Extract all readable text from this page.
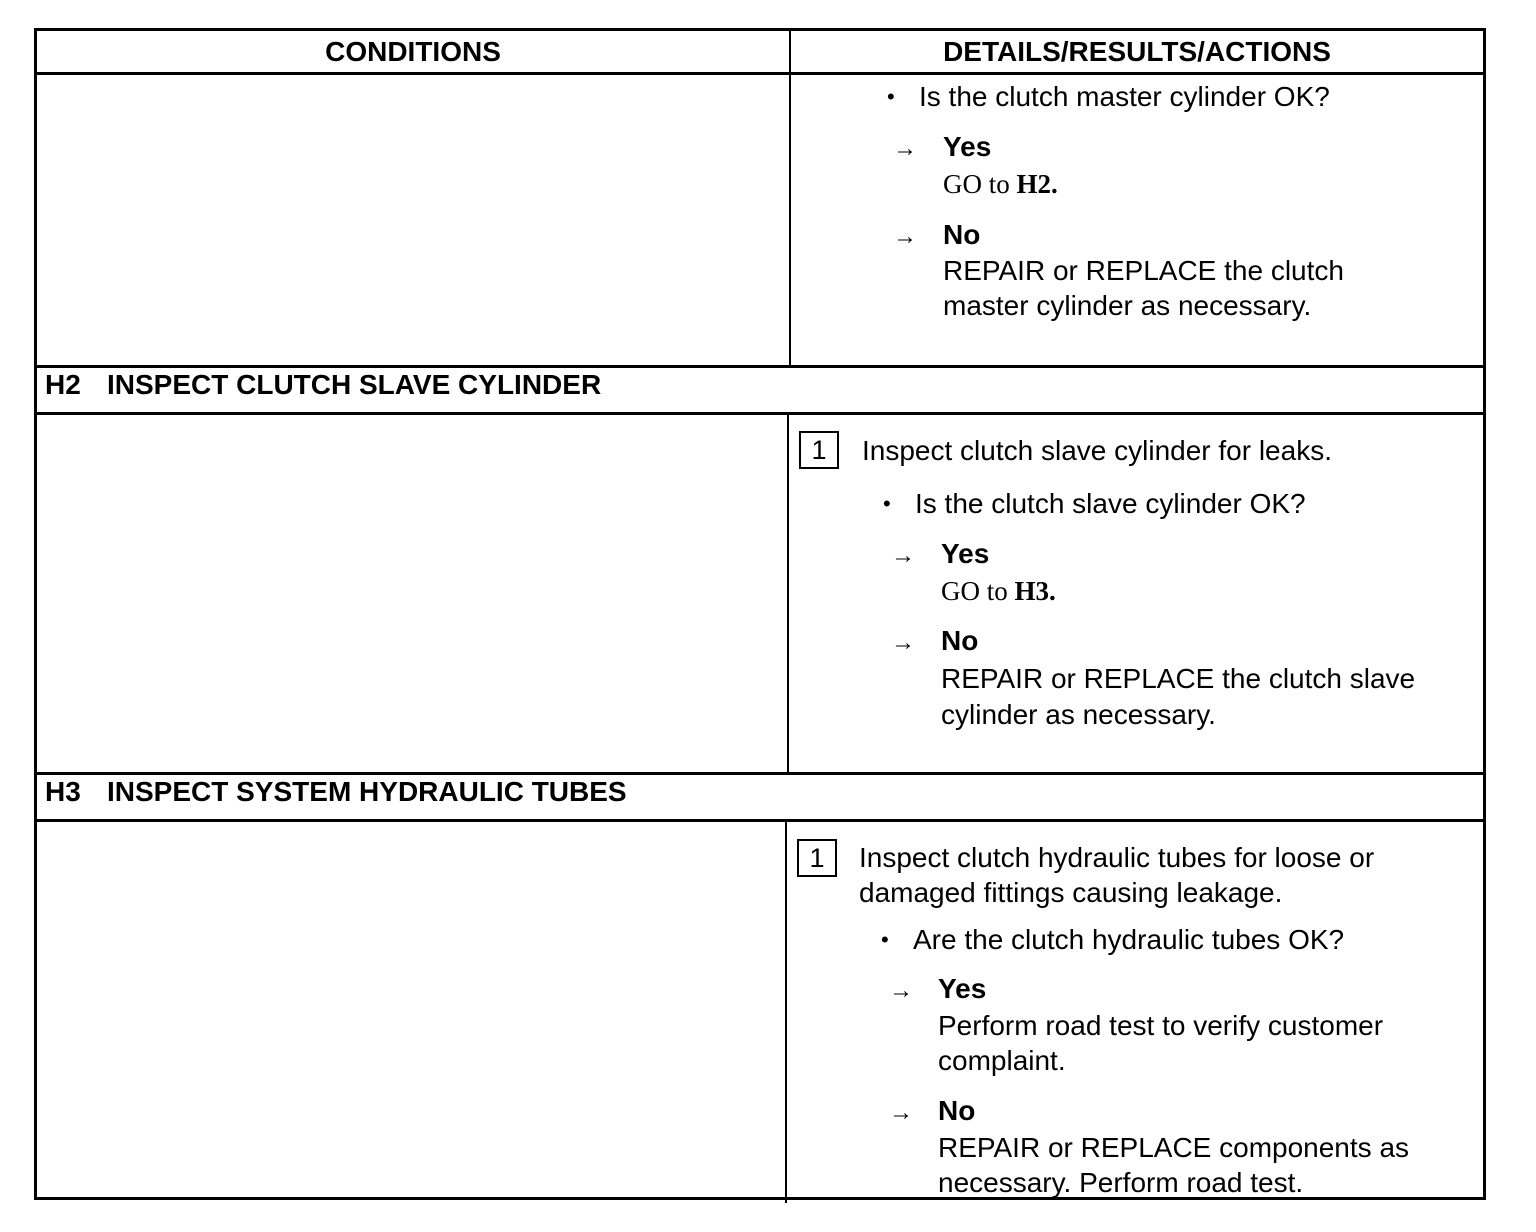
CONDITIONS	DETAILS/RESULTS/ACTIONS
• Is the clutch master cylinder OK?
→ Yes
GO to H2.
→ No
REPAIR or REPLACE the clutch
master cylinder as necessary.
H2 INSPECT CLUTCH SLAVE CYLINDER
1	Inspect clutch slave cylinder for leaks.
• Is the clutch slave cylinder OK?
→ Yes
GO to H3.
→ No
REPAIR or REPLACE the clutch slave
cylinder as necessary.
H3 INSPECT SYSTEM HYDRAULIC TUBES
1	Inspect clutch hydraulic tubes for loose or
damaged fittings causing leakage.
• Are the clutch hydraulic tubes OK?
→ Yes
Perform road test to verify customer
complaint.
→ No
REPAIR or REPLACE components as
necessary. Perform road test.
